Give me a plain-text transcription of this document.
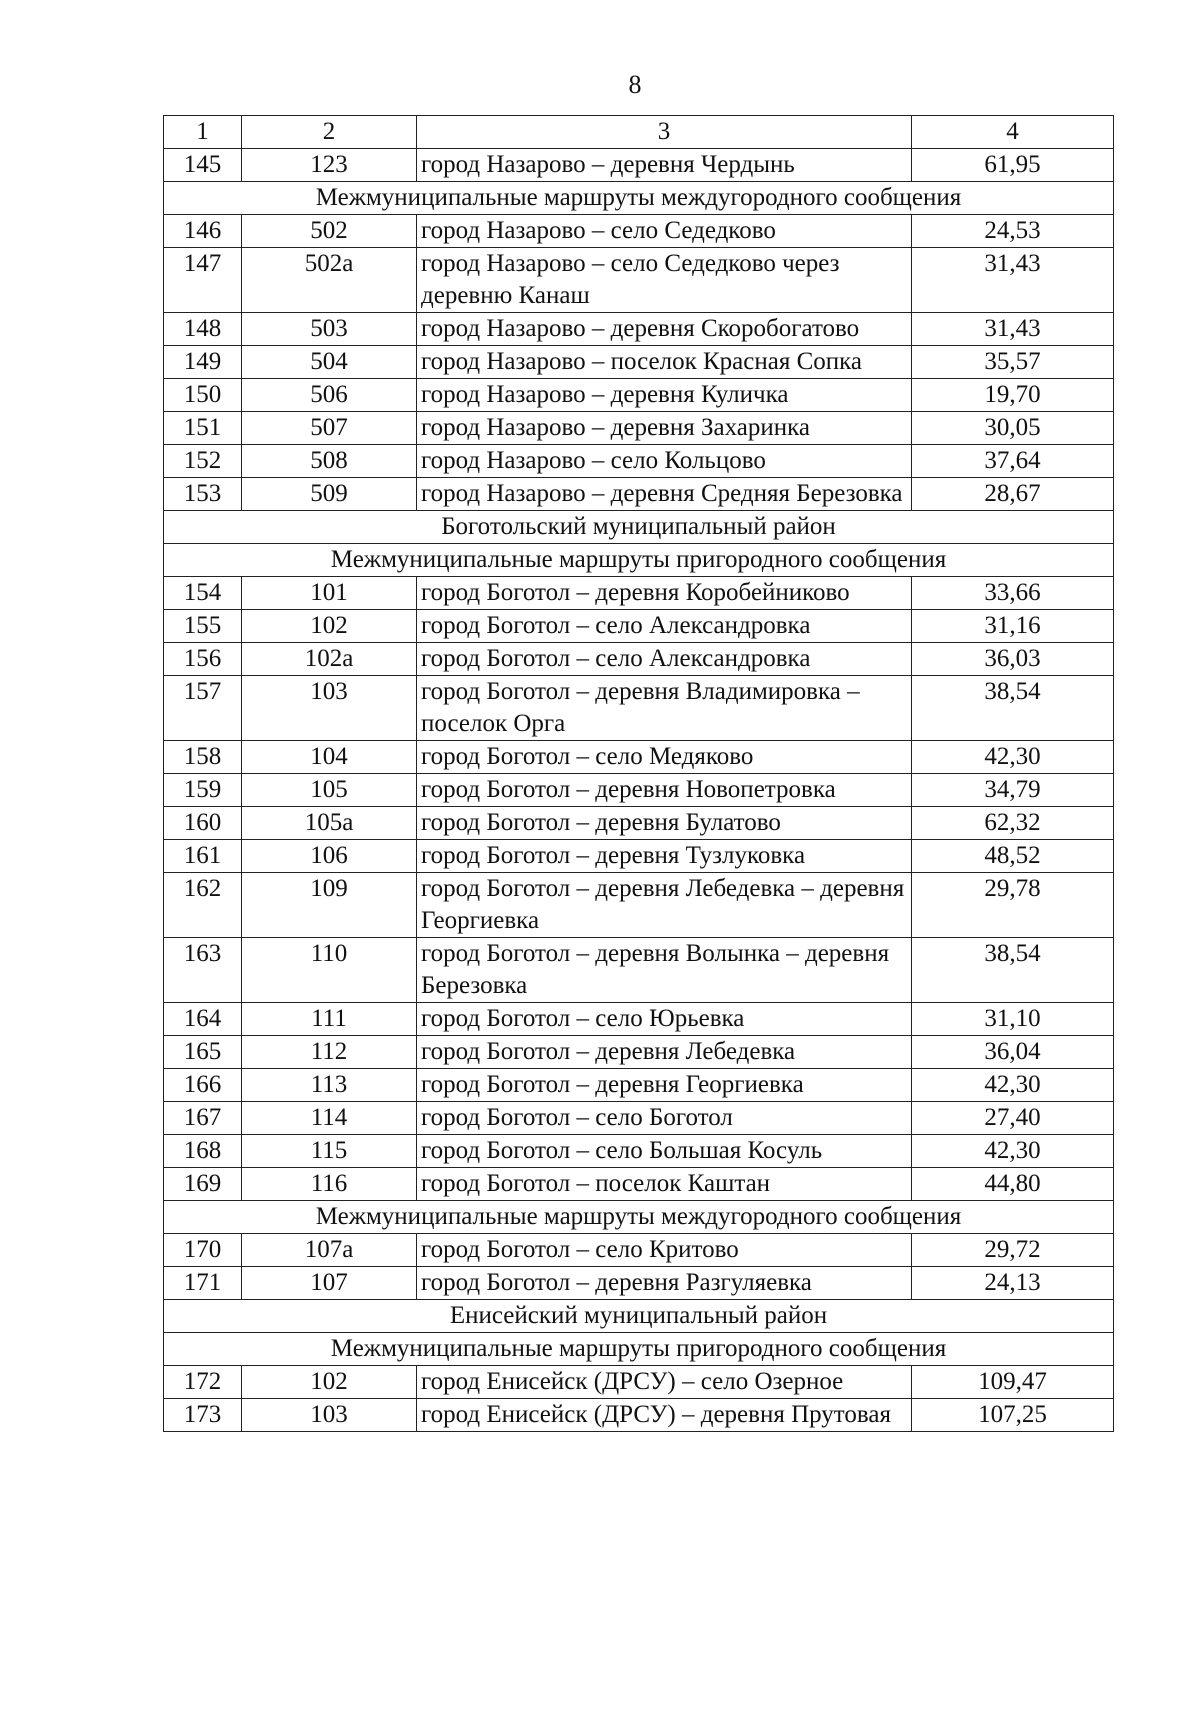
8
1	2	3	4
145	123	город Назарово – деревня Чердынь	61,95
Межмуниципальные маршруты междугородного сообщения			
146	502	город Назарово – село Седедково	24,53
147	502а	город Назарово – село Седедково через деревню Канаш	31,43
148	503	город Назарово – деревня Скоробогатово	31,43
149	504	город Назарово – поселок Красная Сопка	35,57
150	506	город Назарово – деревня Куличка	19,70
151	507	город Назарово – деревня Захаринка	30,05
152	508	город Назарово – село Кольцово	37,64
153	509	город Назарово – деревня Средняя Березовка	28,67
Боготольский муниципальный район			
Межмуниципальные маршруты пригородного сообщения			
154	101	город Боготол – деревня Коробейниково	33,66
155	102	город Боготол – село Александровка	31,16
156	102а	город Боготол – село Александровка	36,03
157	103	город Боготол – деревня Владимировка – поселок Орга	38,54
158	104	город Боготол – село Медяково	42,30
159	105	город Боготол – деревня Новопетровка	34,79
160	105а	город Боготол – деревня Булатово	62,32
161	106	город Боготол – деревня Тузлуковка	48,52
162	109	город Боготол – деревня Лебедевка – деревня Георгиевка	29,78
163	110	город Боготол – деревня Волынка – деревня Березовка	38,54
164	111	город Боготол – село Юрьевка	31,10
165	112	город Боготол – деревня Лебедевка	36,04
166	113	город Боготол – деревня Георгиевка	42,30
167	114	город Боготол – село Боготол	27,40
168	115	город Боготол – село Большая Косуль	42,30
169	116	город Боготол – поселок Каштан	44,80
Межмуниципальные маршруты междугородного сообщения			
170	107а	город Боготол – село Критово	29,72
171	107	город Боготол – деревня Разгуляевка	24,13
Енисейский муниципальный район			
Межмуниципальные маршруты пригородного сообщения			
172	102	город Енисейск (ДРСУ) – село Озерное	109,47
173	103	город Енисейск (ДРСУ) – деревня Прутовая	107,25
